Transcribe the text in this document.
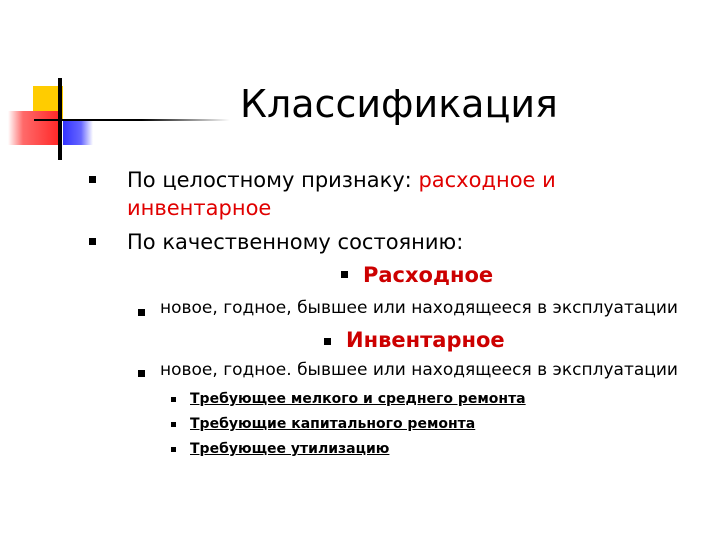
Классификация
По целостному признаку: расходное и
инвентарное
По качественному состоянию:
Расходное
новое, годное, бывшее или находящееся в эксплуатации
Инвентарное
новое, годное. бывшее или находящееся в эксплуатации
Требующее мелкого и среднего ремонта
Требующие капитального ремонта
Требующее утилизацию
